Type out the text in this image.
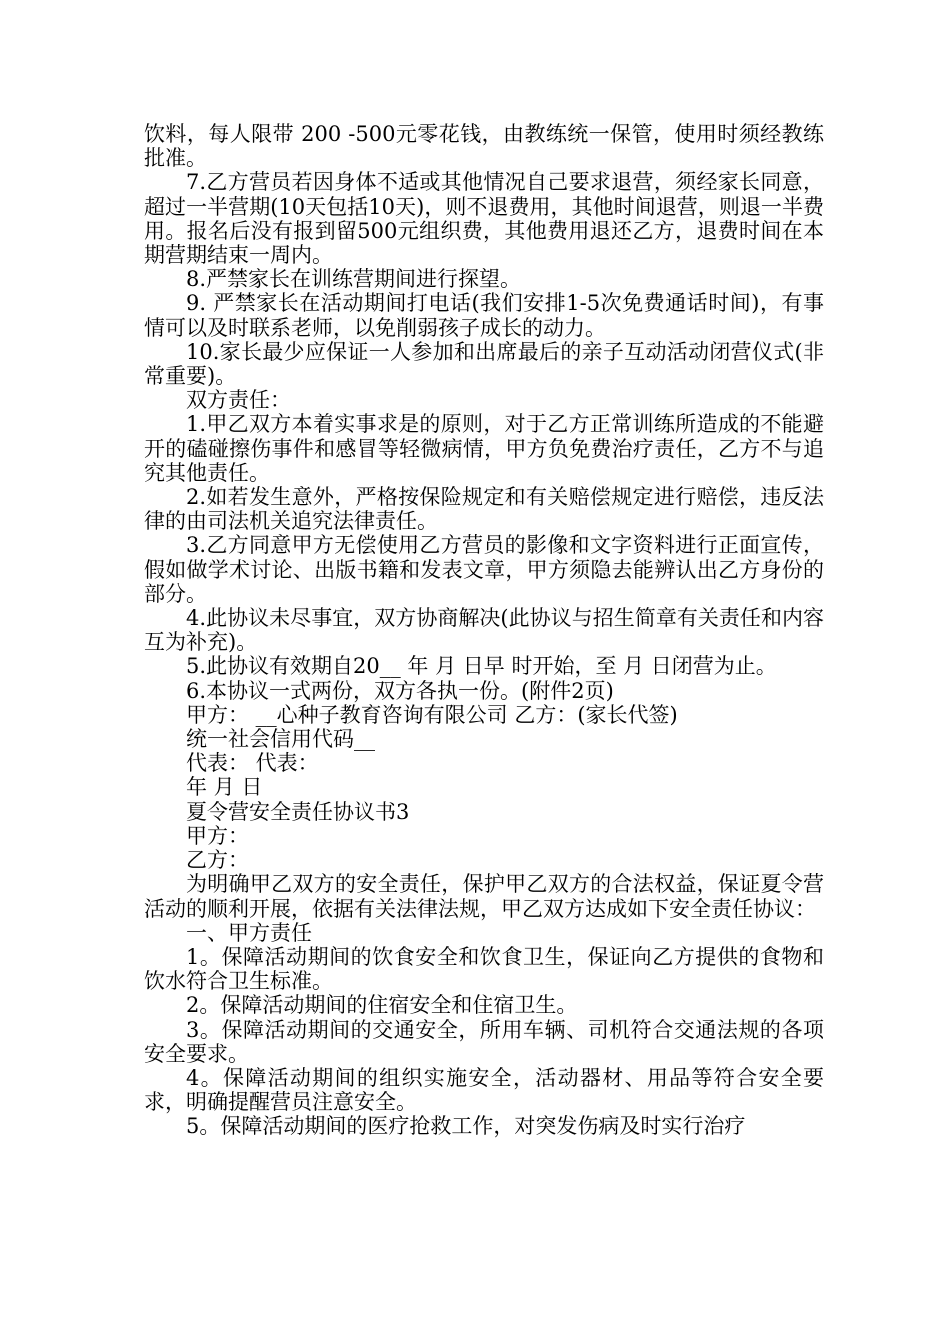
饮料，每人限带 200 -500元零花钱，由教练统一保管，使用时须经教练批准。

7.乙方营员若因身体不适或其他情况自己要求退营，须经家长同意，超过一半营期(10天包括10天)，则不退费用，其他时间退营，则退一半费用。报名后没有报到留500元组织费，其他费用退还乙方，退费时间在本期营期结束一周内。

8.严禁家长在训练营期间进行探望。

9. 严禁家长在活动期间打电话(我们安排1-5次免费通话时间)，有事情可以及时联系老师，以免削弱孩子成长的动力。

10.家长最少应保证一人参加和出席最后的亲子互动活动闭营仪式(非常重要)。

双方责任：

1.甲乙双方本着实事求是的原则，对于乙方正常训练所造成的不能避开的磕碰擦伤事件和感冒等轻微病情，甲方负免费治疗责任，乙方不与追究其他责任。

2.如若发生意外，严格按保险规定和有关赔偿规定进行赔偿，违反法律的由司法机关追究法律责任。

3.乙方同意甲方无偿使用乙方营员的影像和文字资料进行正面宣传，假如做学术讨论、出版书籍和发表文章，甲方须隐去能辨认出乙方身份的部分。

4.此协议未尽事宜，双方协商解决(此协议与招生简章有关责任和内容互为补充)。

5.此协议有效期自20__ 年 月 日早 时开始，至 月 日闭营为止。

6.本协议一式两份，双方各执一份。(附件2页)

甲方： __心种子教育咨询有限公司 乙方：(家长代签)

统一社会信用代码__

代表： 代表：

年 月 日

夏令营安全责任协议书3

甲方：

乙方：

为明确甲乙双方的安全责任，保护甲乙双方的合法权益，保证夏令营活动的顺利开展，依据有关法律法规，甲乙双方达成如下安全责任协议：

一、甲方责任

1。保障活动期间的饮食安全和饮食卫生，保证向乙方提供的食物和饮水符合卫生标准。

2。保障活动期间的住宿安全和住宿卫生。

3。保障活动期间的交通安全，所用车辆、司机符合交通法规的各项安全要求。

4。保障活动期间的组织实施安全，活动器材、用品等符合安全要求，明确提醒营员注意安全。

5。保障活动期间的医疗抢救工作，对突发伤病及时实行治疗
